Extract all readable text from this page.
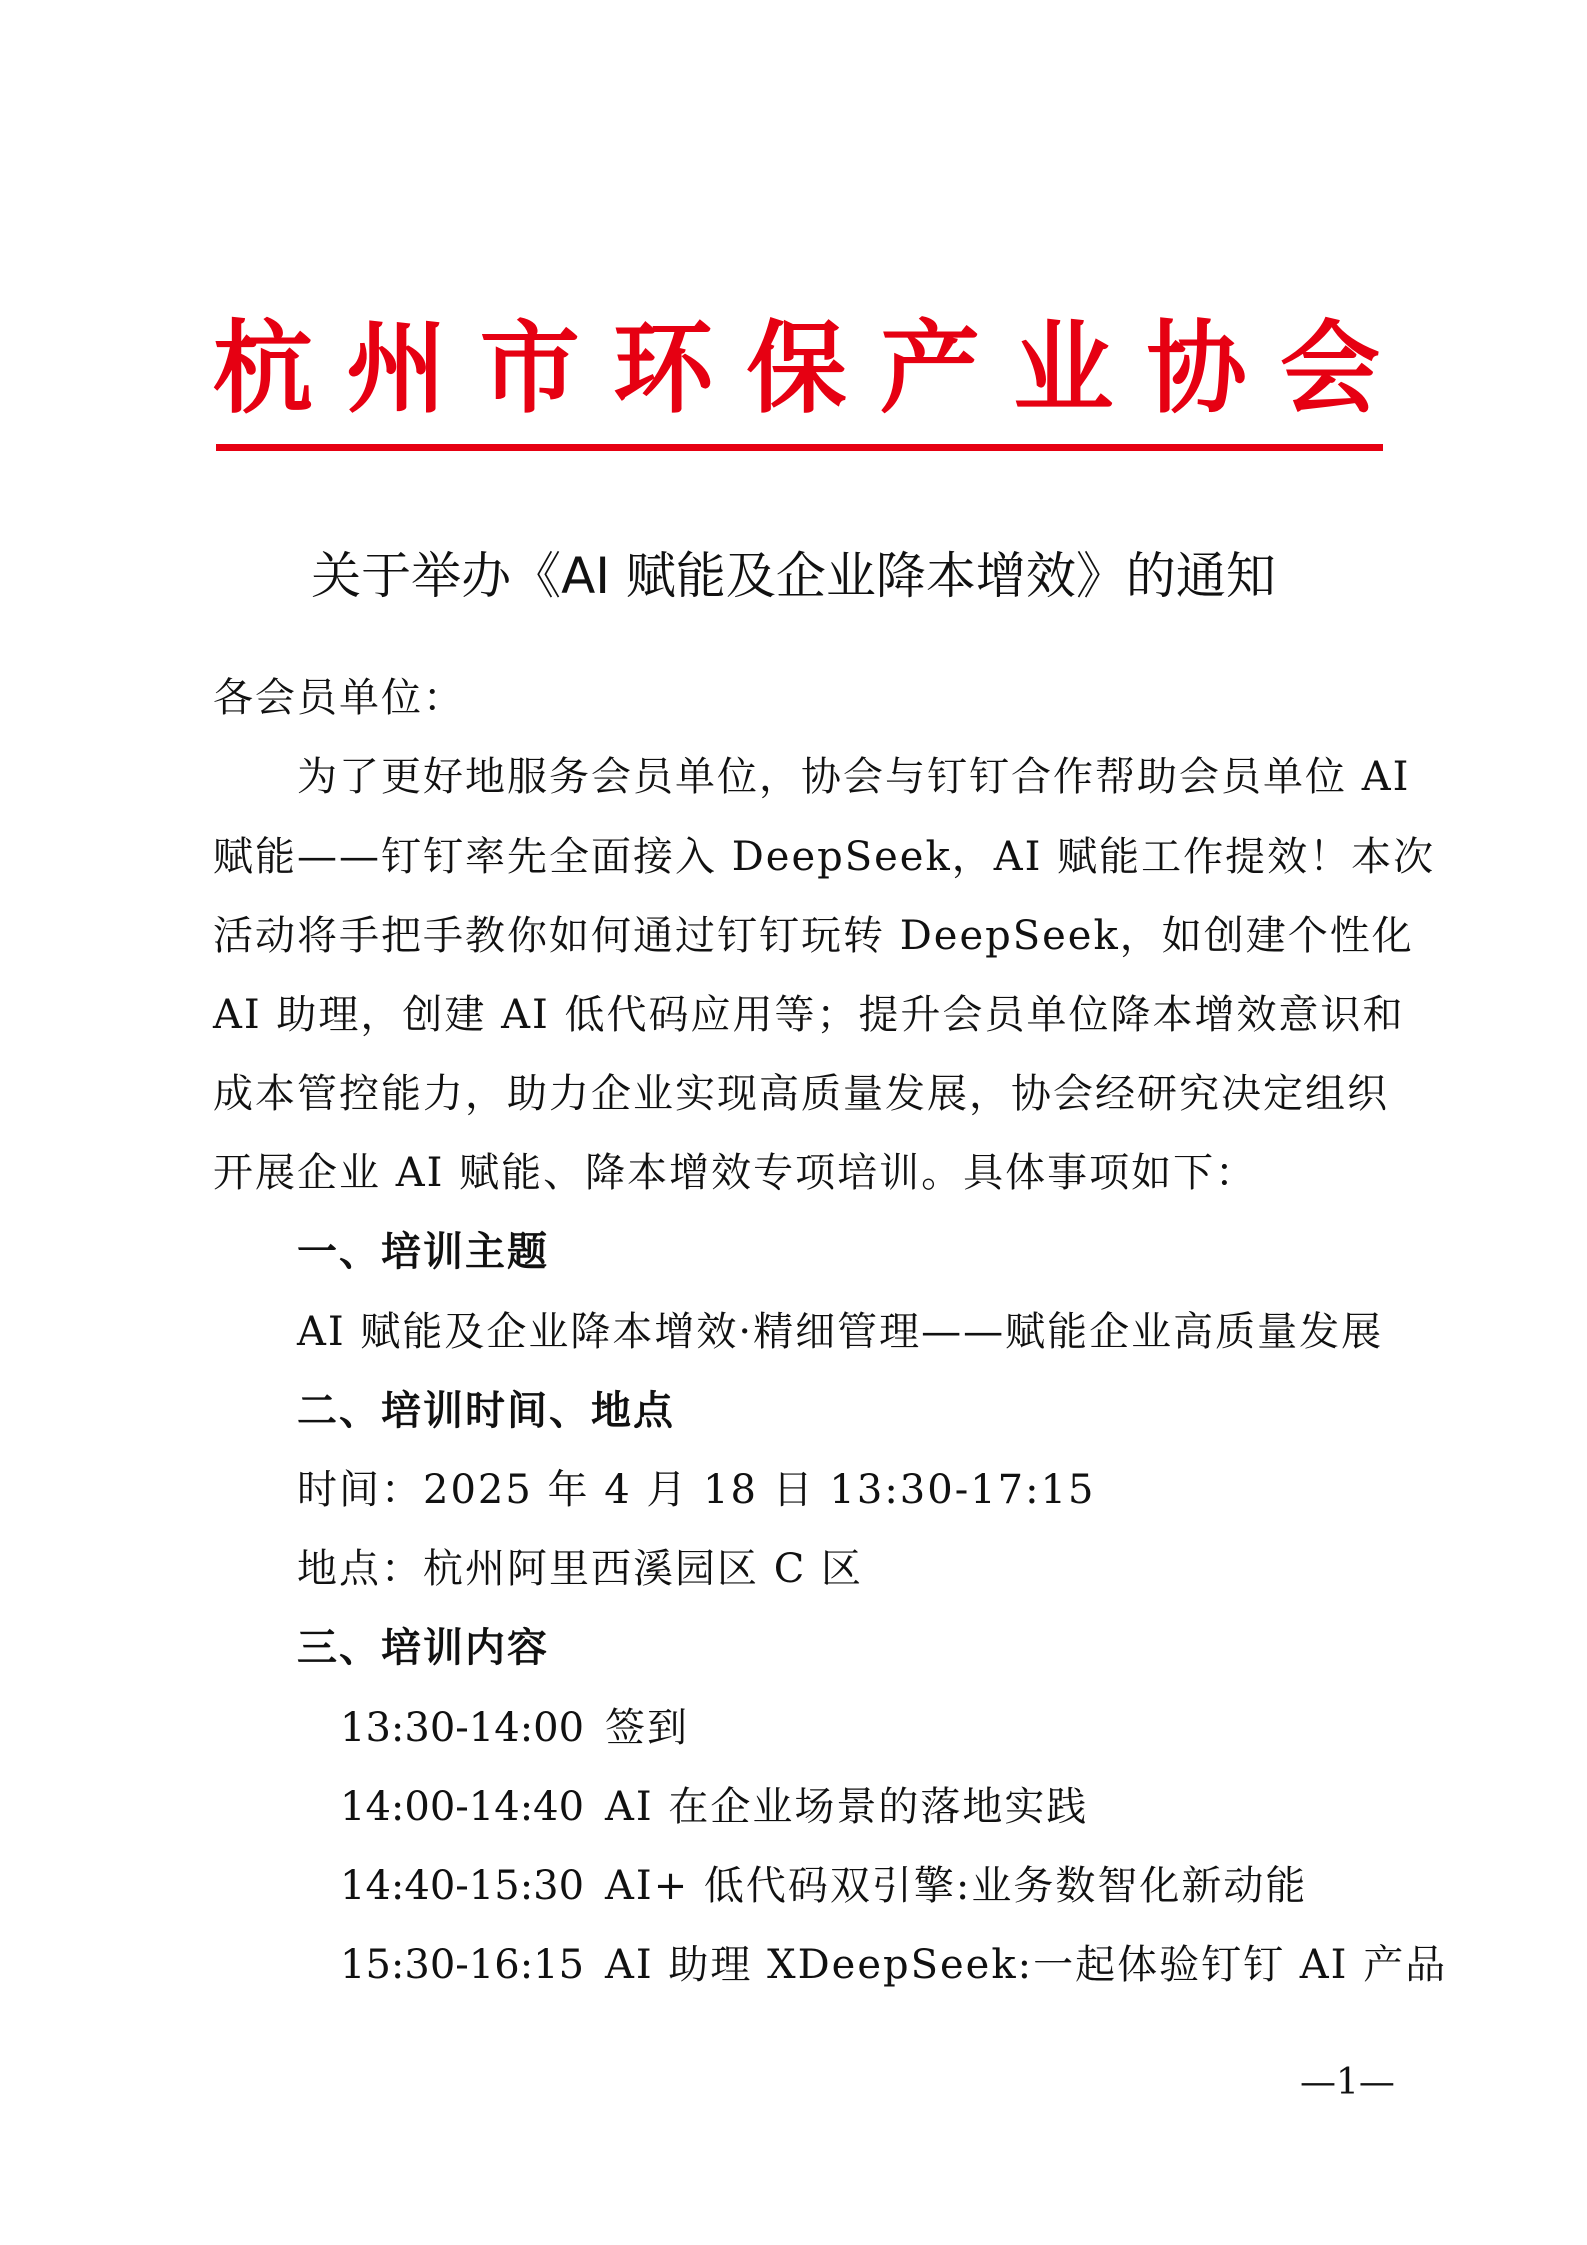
杭州市环保产业协会
关于举办《AI 赋能及企业降本增效》的通知
各会员单位：
为了更好地服务会员单位，协会与钉钉合作帮助会员单位 AI
赋能——钉钉率先全面接入 DeepSeek，AI 赋能工作提效！本次
活动将手把手教你如何通过钉钉玩转 DeepSeek，如创建个性化
AI 助理，创建 AI 低代码应用等；提升会员单位降本增效意识和
成本管控能力，助力企业实现高质量发展，协会经研究决定组织
开展企业 AI 赋能、降本增效专项培训。具体事项如下：
一、培训主题
AI 赋能及企业降本增效·精细管理——赋能企业高质量发展
二、培训时间、地点
时间：2025 年 4 月 18 日 13:30-17:15
地点：杭州阿里西溪园区 C 区
三、培训内容
13:30-14:00 签到
14:00-14:40 AI 在企业场景的落地实践
14:40-15:30 AI+ 低代码双引擎:业务数智化新动能
15:30-16:15 AI 助理 XDeepSeek:一起体验钉钉 AI 产品
—1—
